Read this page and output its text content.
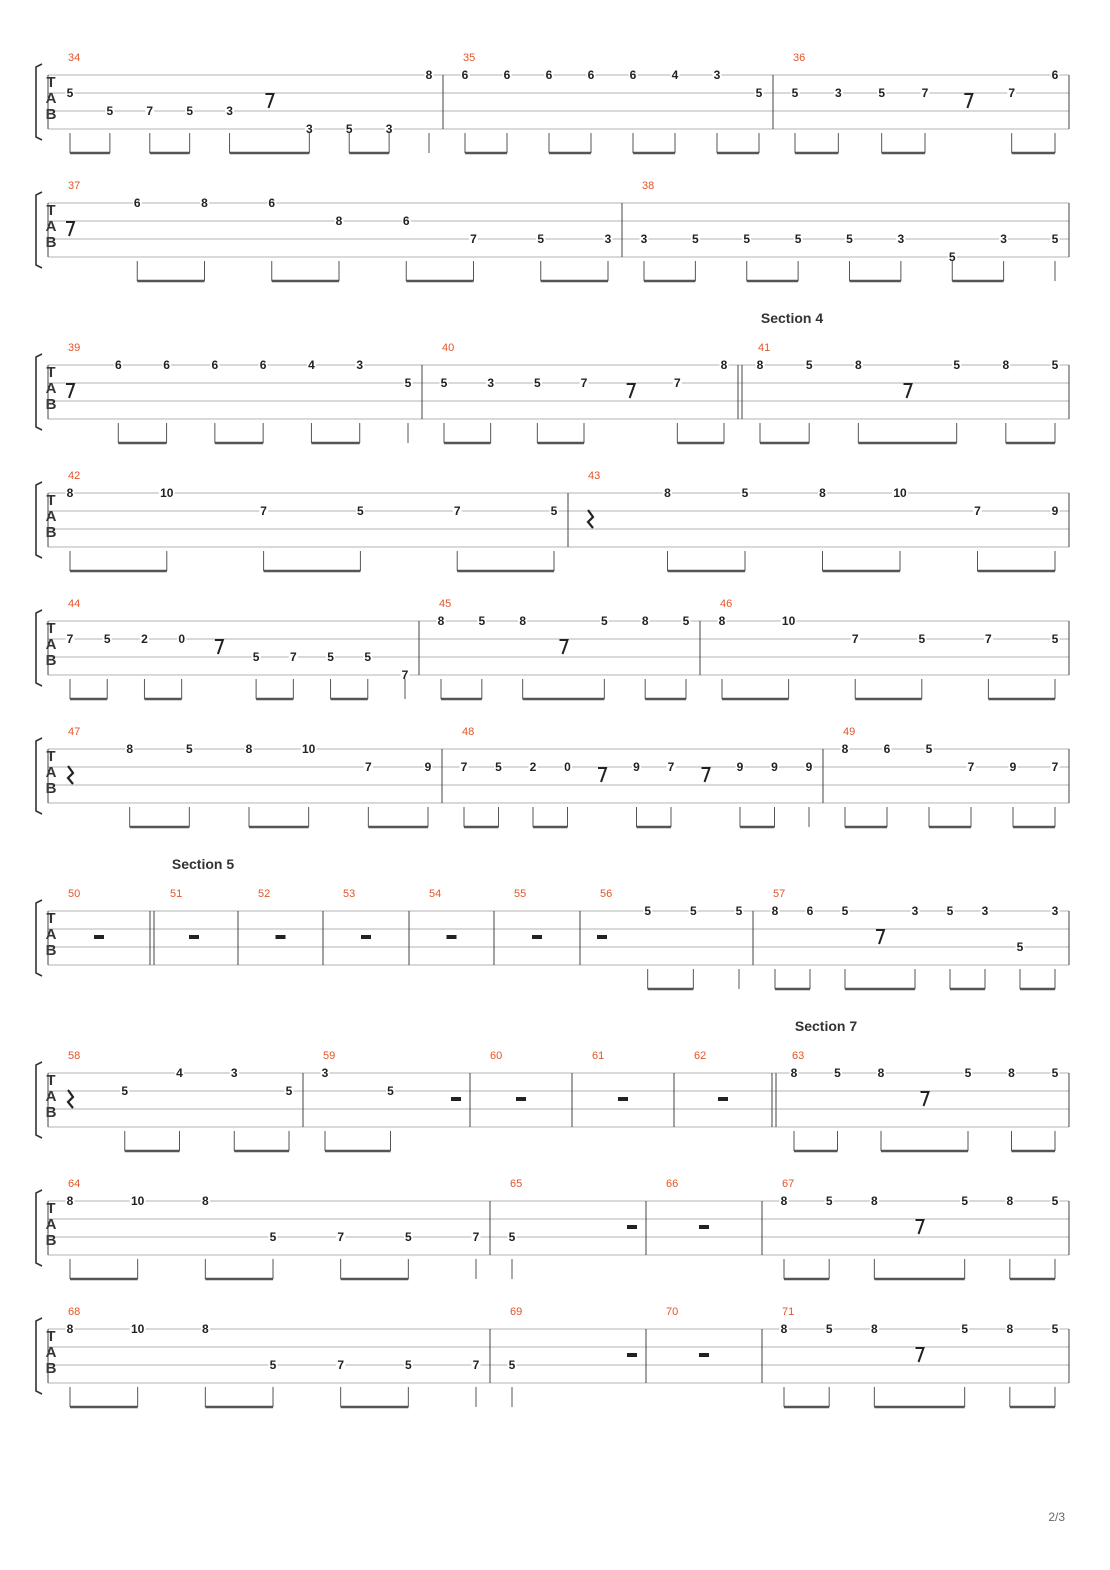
T
A
B
34
5
5	7	5	3
3	5	3
8
35
6	6	6	6	6	4	3
5
36
5	3	5	7	7
6
T
A
B
37
6	8	6
8	6
7	5	3
38
3	5	5	5	5	3
5
3	5
T
A
B
Section 4
39
6	6	6	6	4	3
5
40
5	3	5	7	7
8
41
8	5	8	5	8	5
T
A
B
42
8	10
7	5	7	5
43
8	5	8	10
7	9
T
A
B
44
7	5	2	0
5	7	5	5
7
45
8	5	8	5	8	5
46
8	10
7	5	7	5
T
A
B
47
8	5	8	10
7	9
48
7 5 2 0	9 7	9 9 9
49
8	6	5
7	9	7
T
A
B
Section 5
50	51	52	53	54	55	56
5	5	5
57
8 6 5	3 5 3
5
3
T
A
B
Section 7
58
5
4	3
5
59
3
5
60	61	62	63
8	5	8	5	8	5
T
A
B
64
8	10	8
5	7	5	7
65
5
66	67
8	5	8	5	8	5
T
A
B
68
8	10	8
5	7	5	7
69
5
70	71
8	5	8	5	8	5
2/3
